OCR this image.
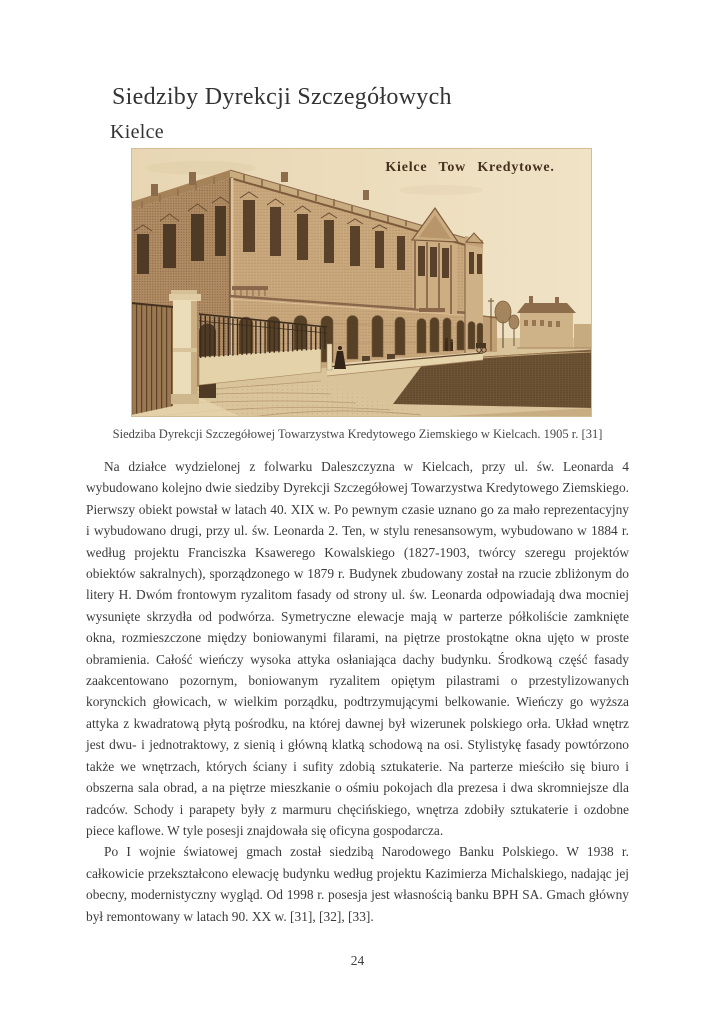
Siedziby Dyrekcji Szczegółowych
Kielce
Kielce Tow Kredytowe.
Siedziba Dyrekcji Szczegółowej Towarzystwa Kredytowego Ziemskiego w Kielcach. 1905 r. [31]

Na działce wydzielonej z folwarku Daleszczyzna w Kielcach, przy ul. św. Leonarda 4 wybudowano kolejno dwie siedziby Dyrekcji Szczegółowej Towarzystwa Kredytowego Ziemskiego. Pierwszy obiekt powstał w latach 40. XIX w. Po pewnym czasie uznano go za mało reprezentacyjny i wybudowano drugi, przy ul. św. Leonarda 2. Ten, w stylu renesansowym, wybudowano w 1884 r. według projektu Franciszka Ksawerego Kowalskiego (1827-1903, twórcy szeregu projektów obiektów sakralnych), sporządzonego w 1879 r. Budynek zbudowany został na rzucie zbliżonym do litery H. Dwóm frontowym ryzalitom fasady od strony ul. św. Leonarda odpowiadają dwa mocniej wysunięte skrzydła od podwórza. Symetryczne elewacje mają w parterze półkoliście zamknięte okna, rozmieszczone między boniowanymi filarami, na piętrze prostokątne okna ujęto w proste obramienia. Całość wieńczy wysoka attyka osłaniająca dachy budynku. Środkową część fasady zaakcentowano pozornym, boniowanym ryzalitem opiętym pilastrami o przestylizowanych korynckich głowicach, w wielkim porządku, podtrzymującymi belkowanie. Wieńczy go wyższa attyka z kwadratową płytą pośrodku, na której dawnej był wizerunek polskiego orła. Układ wnętrz jest dwu- i jednotraktowy, z sienią i główną klatką schodową na osi. Stylistykę fasady powtórzono także we wnętrzach, których ściany i sufity zdobią sztukaterie. Na parterze mieściło się biuro i obszerna sala obrad, a na piętrze mieszkanie o ośmiu pokojach dla prezesa i dwa skromniejsze dla radców. Schody i parapety były z marmuru chęcińskiego, wnętrza zdobiły sztukaterie i ozdobne piece kaflowe. W tyle posesji znajdowała się oficyna gospodarcza.

Po I wojnie światowej gmach został siedzibą Narodowego Banku Polskiego. W 1938 r. całkowicie przekształcono elewację budynku według projektu Kazimierza Michalskiego, nadając jej obecny, modernistyczny wygląd. Od 1998 r. posesja jest własnością banku BPH SA. Gmach główny był remontowany w latach 90. XX w. [31], [32], [33].

24
